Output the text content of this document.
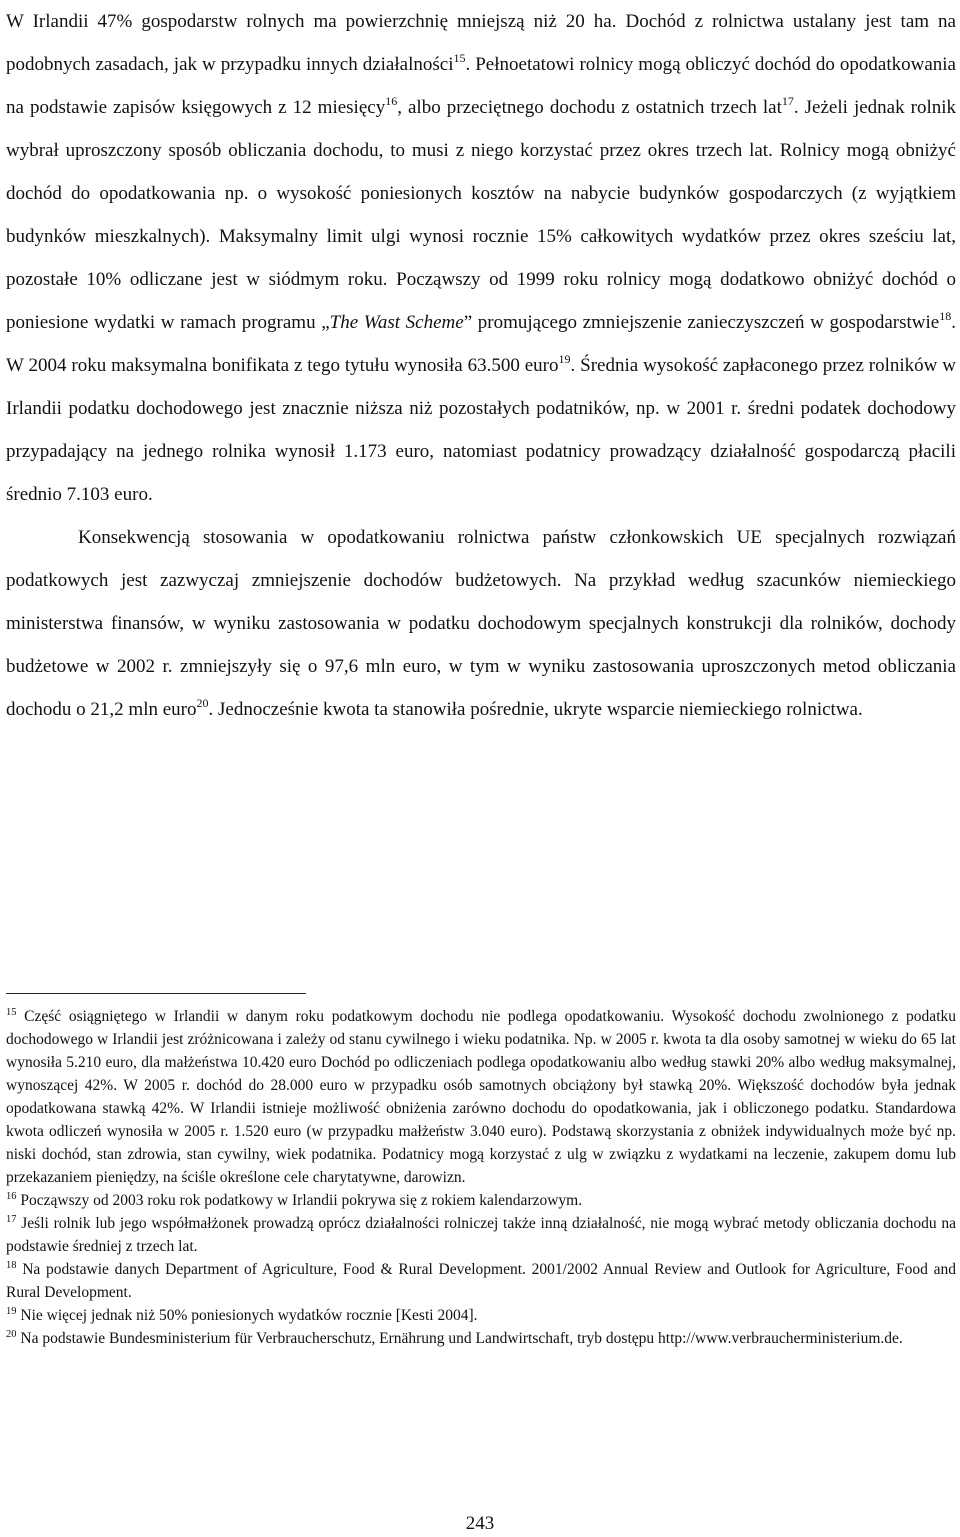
W Irlandii 47% gospodarstw rolnych ma powierzchnię mniejszą niż 20 ha. Dochód z rolnictwa ustalany jest tam na podobnych zasadach, jak w przypadku innych działalności$^{15}$. Pełnoetatowi rolnicy mogą obliczyć dochód do opodatkowania na podstawie zapisów księgowych z 12 miesięcy$^{16}$, albo przeciętnego dochodu z ostatnich trzech lat$^{17}$. Jeżeli jednak rolnik wybrał uproszczony sposób obliczania dochodu, to musi z niego korzystać przez okres trzech lat. Rolnicy mogą obniżyć dochód do opodatkowania np. o wysokość poniesionych kosztów na nabycie budynków gospodarczych (z wyjątkiem budynków mieszkalnych). Maksymalny limit ulgi wynosi rocznie 15% całkowitych wydatków przez okres sześciu lat, pozostałe 10% odliczane jest w siódmym roku. Począwszy od 1999 roku rolnicy mogą dodatkowo obniżyć dochód o poniesione wydatki w ramach programu „The Wast Scheme” promującego zmniejszenie zanieczyszczeń w gospodarstwie$^{18}$. W 2004 roku maksymalna bonifikata z tego tytułu wynosiła 63.500 euro$^{19}$. Średnia wysokość zapłaconego przez rolników w Irlandii podatku dochodowego jest znacznie niższa niż pozostałych podatników, np. w 2001 r. średni podatek dochodowy przypadający na jednego rolnika wynosił 1.173 euro, natomiast podatnicy prowadzący działalność gospodarczą płacili średnio 7.103 euro.

Konsekwencją stosowania w opodatkowaniu rolnictwa państw członkowskich UE specjalnych rozwiązań podatkowych jest zazwyczaj zmniejszenie dochodów budżetowych. Na przykład według szacunków niemieckiego ministerstwa finansów, w wyniku zastosowania w podatku dochodowym specjalnych konstrukcji dla rolników, dochody budżetowe w 2002 r. zmniejszyły się o 97,6 mln euro, w tym w wyniku zastosowania uproszczonych metod obliczania dochodu o 21,2 mln euro$^{20}$. Jednocześnie kwota ta stanowiła pośrednie, ukryte wsparcie niemieckiego rolnictwa.

$^{15}$ Część osiągniętego w Irlandii w danym roku podatkowym dochodu nie podlega opodatkowaniu. Wysokość dochodu zwolnionego z podatku dochodowego w Irlandii jest zróżnicowana i zależy od stanu cywilnego i wieku podatnika. Np. w 2005 r. kwota ta dla osoby samotnej w wieku do 65 lat wynosiła 5.210 euro, dla małżeństwa 10.420 euro Dochód po odliczeniach podlega opodatkowaniu albo według stawki 20% albo według maksymalnej, wynoszącej 42%. W 2005 r. dochód do 28.000 euro w przypadku osób samotnych obciążony był stawką 20%. Większość dochodów była jednak opodatkowana stawką 42%. W Irlandii istnieje możliwość obniżenia zarówno dochodu do opodatkowania, jak i obliczonego podatku. Standardowa kwota odliczeń wynosiła w 2005 r. 1.520 euro (w przypadku małżeństw 3.040 euro). Podstawą skorzystania z obniżek indywidualnych może być np. niski dochód, stan zdrowia, stan cywilny, wiek podatnika. Podatnicy mogą korzystać z ulg w związku z wydatkami na leczenie, zakupem domu lub przekazaniem pieniędzy, na ściśle określone cele charytatywne, darowizn.

$^{16}$ Począwszy od 2003 roku rok podatkowy w Irlandii pokrywa się z rokiem kalendarzowym.

$^{17}$ Jeśli rolnik lub jego współmałżonek prowadzą oprócz działalności rolniczej także inną działalność, nie mogą wybrać metody obliczania dochodu na podstawie średniej z trzech lat.

$^{18}$ Na podstawie danych Department of Agriculture, Food & Rural Development. 2001/2002 Annual Review and Outlook for Agriculture, Food and Rural Development.

$^{19}$ Nie więcej jednak niż 50% poniesionych wydatków rocznie [Kesti 2004].

$^{20}$ Na podstawie Bundesministerium für Verbraucherschutz, Ernährung und Landwirtschaft, tryb dostępu http://www.verbraucherministerium.de.

243
